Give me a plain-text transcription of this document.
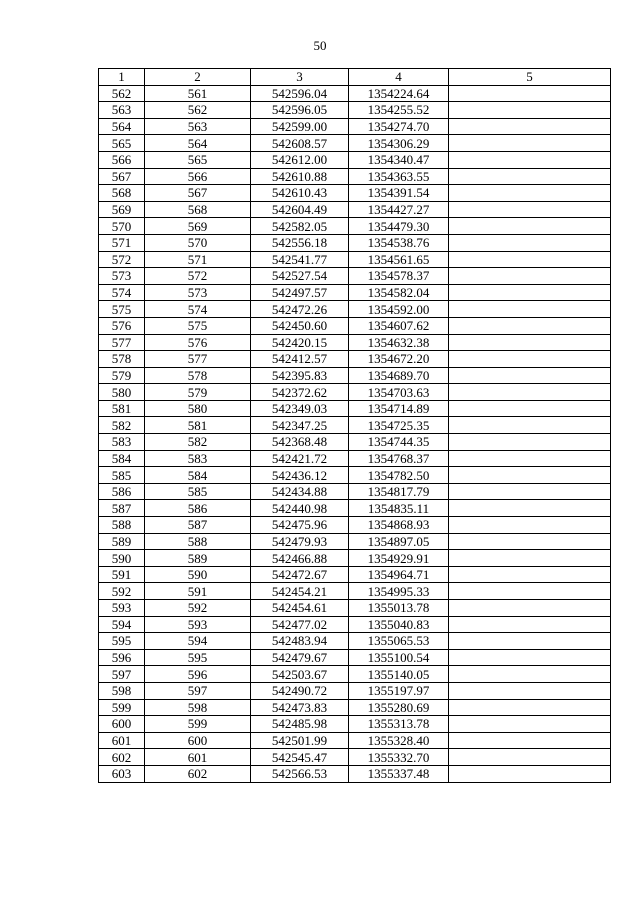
50
1	2	3	4	5
562	561	542596.04	1354224.64	
563	562	542596.05	1354255.52	
564	563	542599.00	1354274.70	
565	564	542608.57	1354306.29	
566	565	542612.00	1354340.47	
567	566	542610.88	1354363.55	
568	567	542610.43	1354391.54	
569	568	542604.49	1354427.27	
570	569	542582.05	1354479.30	
571	570	542556.18	1354538.76	
572	571	542541.77	1354561.65	
573	572	542527.54	1354578.37	
574	573	542497.57	1354582.04	
575	574	542472.26	1354592.00	
576	575	542450.60	1354607.62	
577	576	542420.15	1354632.38	
578	577	542412.57	1354672.20	
579	578	542395.83	1354689.70	
580	579	542372.62	1354703.63	
581	580	542349.03	1354714.89	
582	581	542347.25	1354725.35	
583	582	542368.48	1354744.35	
584	583	542421.72	1354768.37	
585	584	542436.12	1354782.50	
586	585	542434.88	1354817.79	
587	586	542440.98	1354835.11	
588	587	542475.96	1354868.93	
589	588	542479.93	1354897.05	
590	589	542466.88	1354929.91	
591	590	542472.67	1354964.71	
592	591	542454.21	1354995.33	
593	592	542454.61	1355013.78	
594	593	542477.02	1355040.83	
595	594	542483.94	1355065.53	
596	595	542479.67	1355100.54	
597	596	542503.67	1355140.05	
598	597	542490.72	1355197.97	
599	598	542473.83	1355280.69	
600	599	542485.98	1355313.78	
601	600	542501.99	1355328.40	
602	601	542545.47	1355332.70	
603	602	542566.53	1355337.48	
